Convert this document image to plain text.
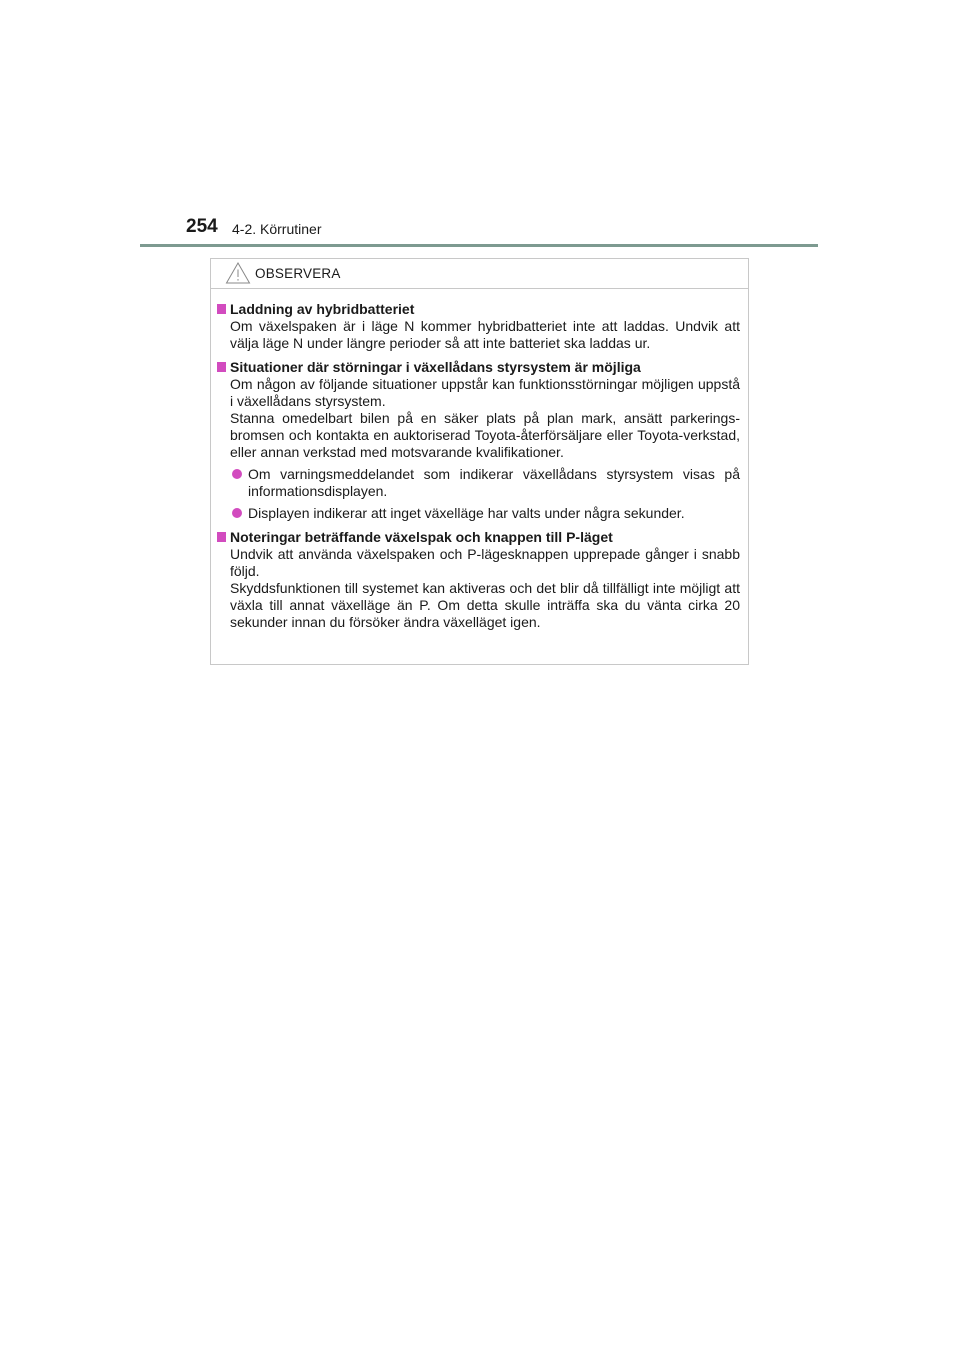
254 4-2. Körrutiner
OBSERVERA
Laddning av hybridbatteriet
Om växelspaken är i läge N kommer hybridbatteriet inte att laddas. Undvik att välja läge N under längre perioder så att inte batteriet ska laddas ur.
Situationer där störningar i växellådans styrsystem är möjliga
Om någon av följande situationer uppstår kan funktionsstörningar möjligen uppstå i växellådans styrsystem.
Stanna omedelbart bilen på en säker plats på plan mark, ansätt parkerings-bromsen och kontakta en auktoriserad Toyota-återförsäljare eller Toyota-verkstad, eller annan verkstad med motsvarande kvalifikationer.
Om varningsmeddelandet som indikerar växellådans styrsystem visas på informationsdisplayen.
Displayen indikerar att inget växelläge har valts under några sekunder.
Noteringar beträffande växelspak och knappen till P-läget
Undvik att använda växelspaken och P-lägesknappen upprepade gånger i snabb följd.
Skyddsfunktionen till systemet kan aktiveras och det blir då tillfälligt inte möjligt att växla till annat växelläge än P. Om detta skulle inträffa ska du vänta cirka 20 sekunder innan du försöker ändra växelläget igen.
